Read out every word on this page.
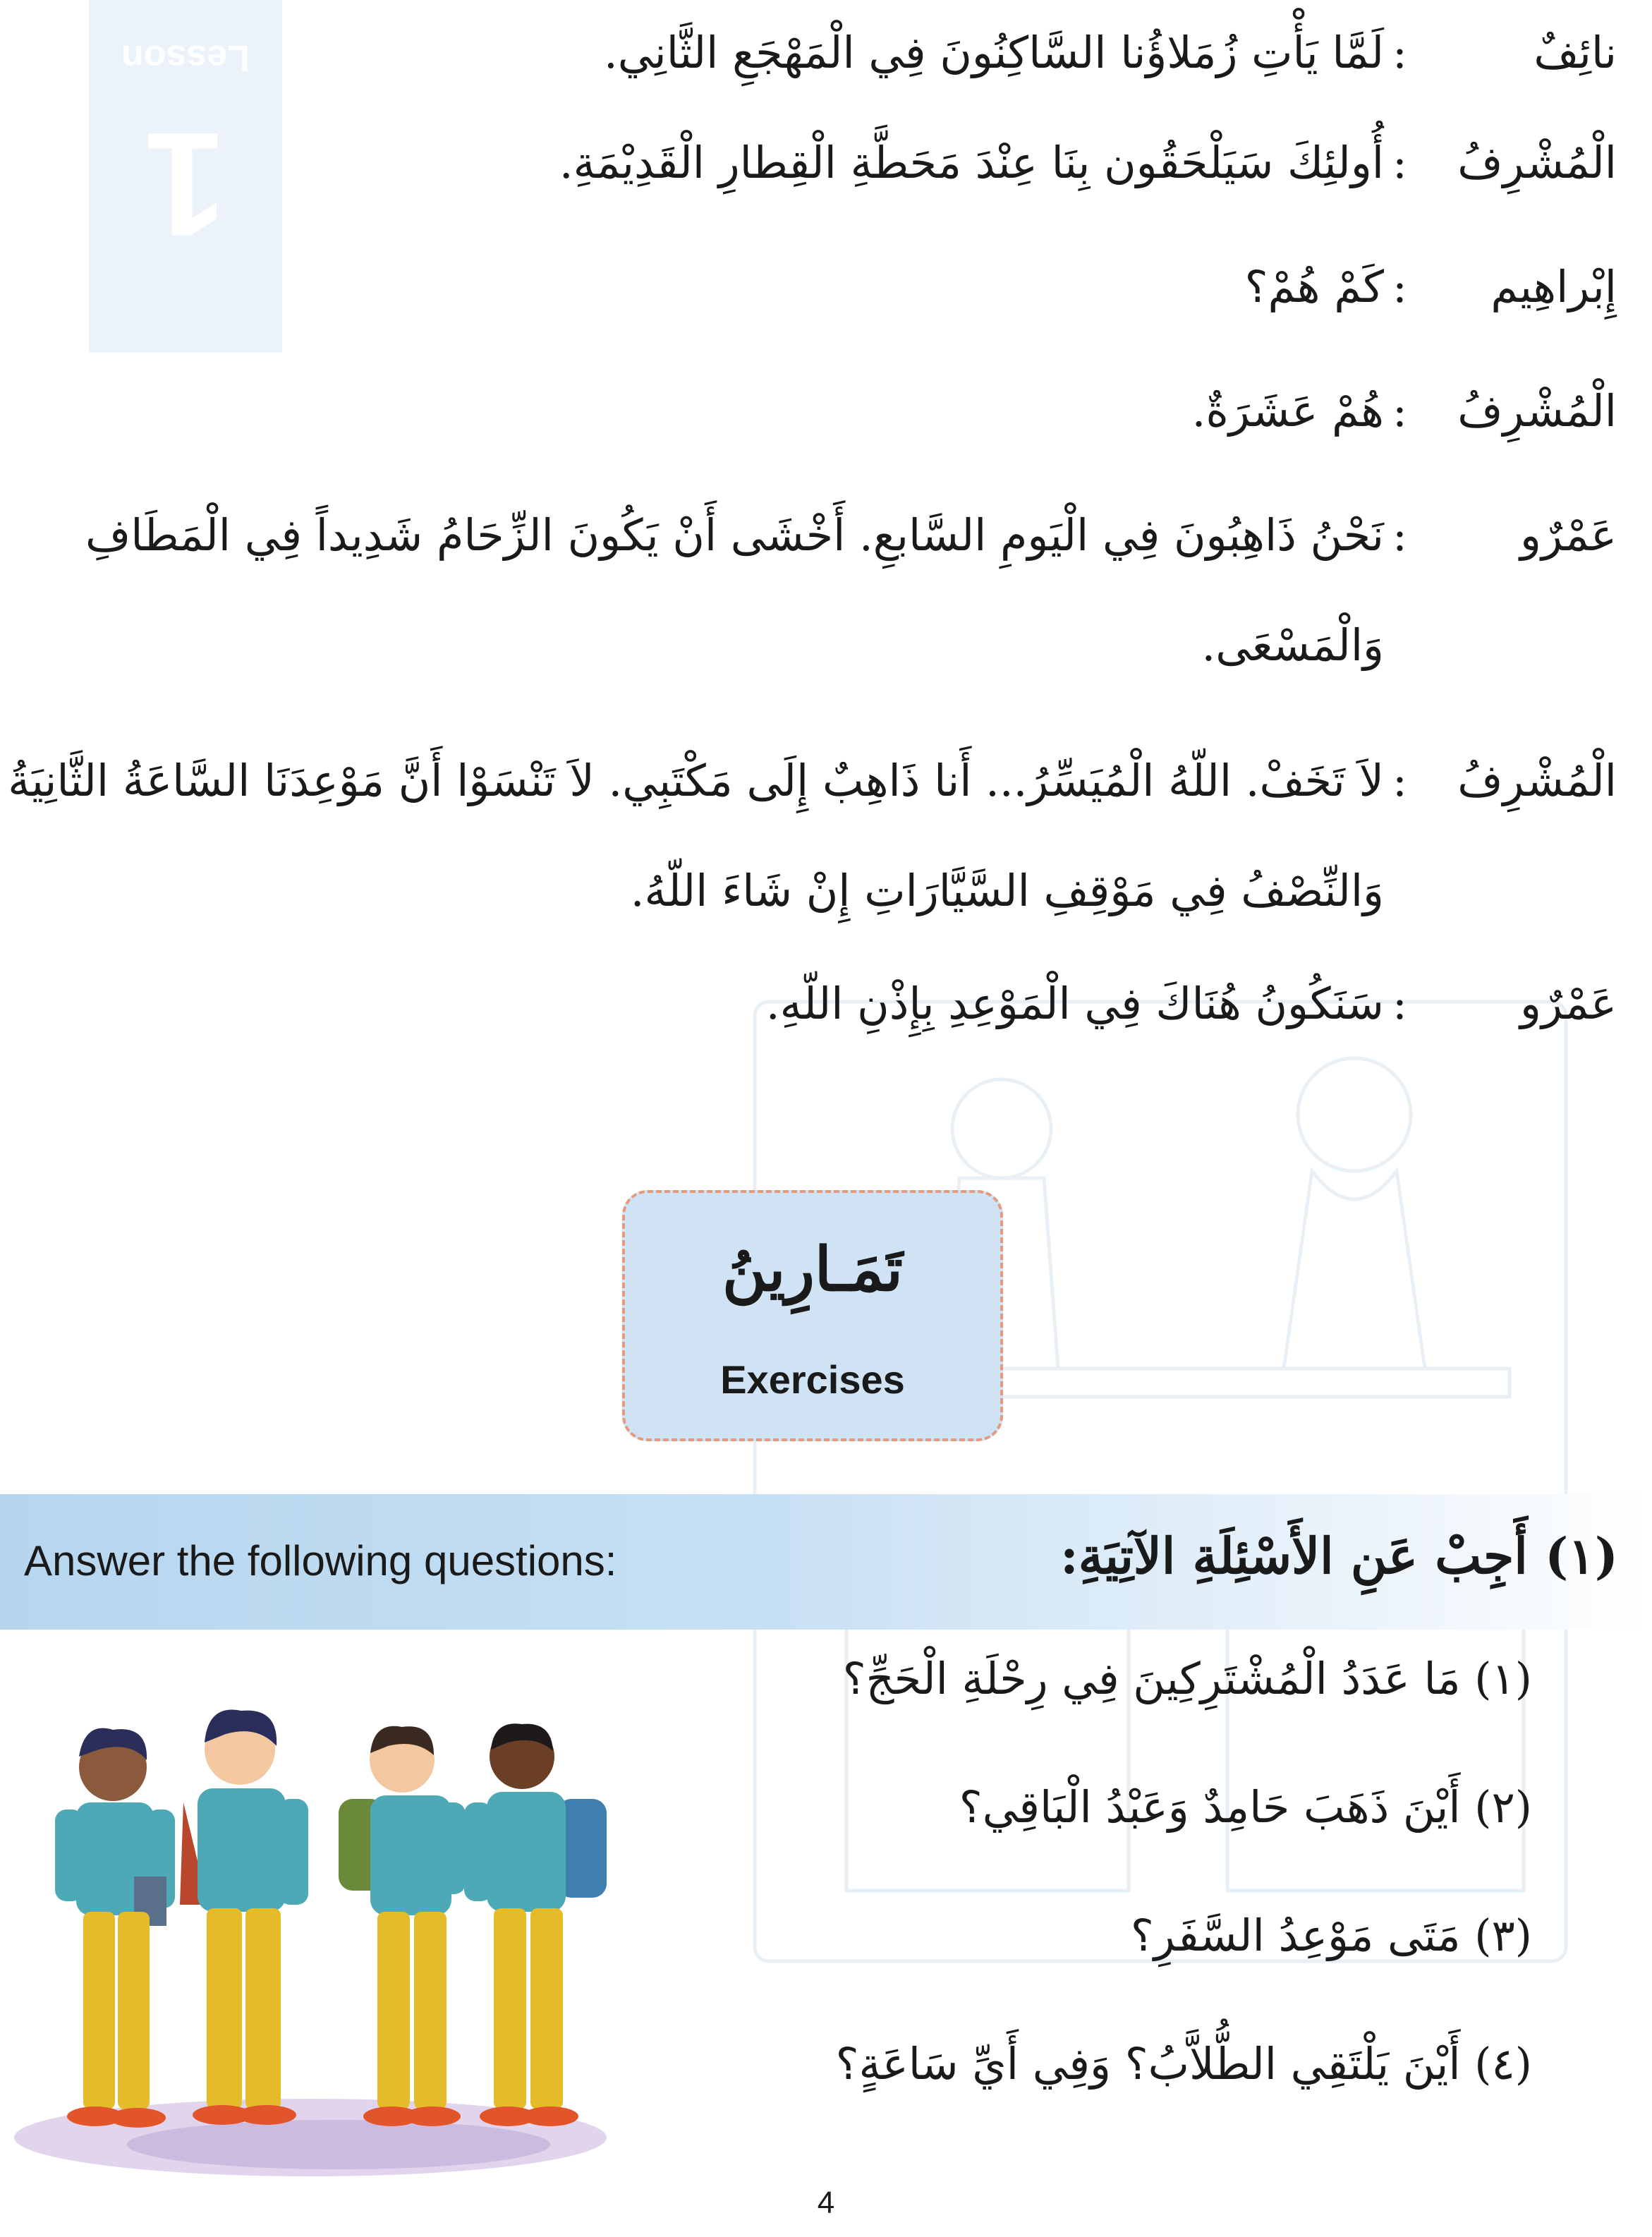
Lesson
1
نائِفٌ
:
لَمَّا يَأْتِ زُمَلاؤُنا السَّاكِنُونَ فِي الْمَهْجَعِ الثَّانِي.
الْمُشْرِفُ
:
أُولئِكَ سَيَلْحَقُون بِنَا عِنْدَ مَحَطَّةِ الْقِطارِ الْقَدِيْمَةِ.
إِبْراهِيم
:
كَمْ هُمْ؟
الْمُشْرِفُ
:
هُمْ عَشَرَةٌ.
عَمْرٌو
:
نَحْنُ ذَاهِبُونَ فِي الْيَومِ السَّابعِ. أَخْشَى أَنْ يَكُونَ الزِّحَامُ شَدِيداً فِي الْمَطَافِ
وَالْمَسْعَى.
الْمُشْرِفُ
:
لاَ تَخَفْ. اللّهُ الْمُيَسِّرُ... أَنا ذَاهِبٌ إِلَى مَكْتَبِي. لاَ تَنْسَوْا أَنَّ مَوْعِدَنَا السَّاعَةُ الثَّانِيَةُ
وَالنِّصْفُ فِي مَوْقِفِ السَّيَّارَاتِ إِنْ شَاءَ اللّهُ.
عَمْرٌو
:
سَنَكُونُ هُنَاكَ فِي الْمَوْعِدِ بِإِذْنِ اللّهِ.
تَمَـارِينُ
Exercises
Answer the following questions:	(١) أَجِبْ عَنِ الأَسْئِلَةِ الآتِيَةِ:
(١) مَا عَدَدُ الْمُشْتَرِكِينَ فِي رِحْلَةِ الْحَجِّ؟
(٢) أَيْنَ ذَهَبَ حَامِدٌ وَعَبْدُ الْبَاقِي؟
(٣) مَتَى مَوْعِدُ السَّفَرِ؟
(٤) أَيْنَ يَلْتَقِي الطُّلاَّبُ؟ وَفِي أَيِّ سَاعَةٍ؟
4
